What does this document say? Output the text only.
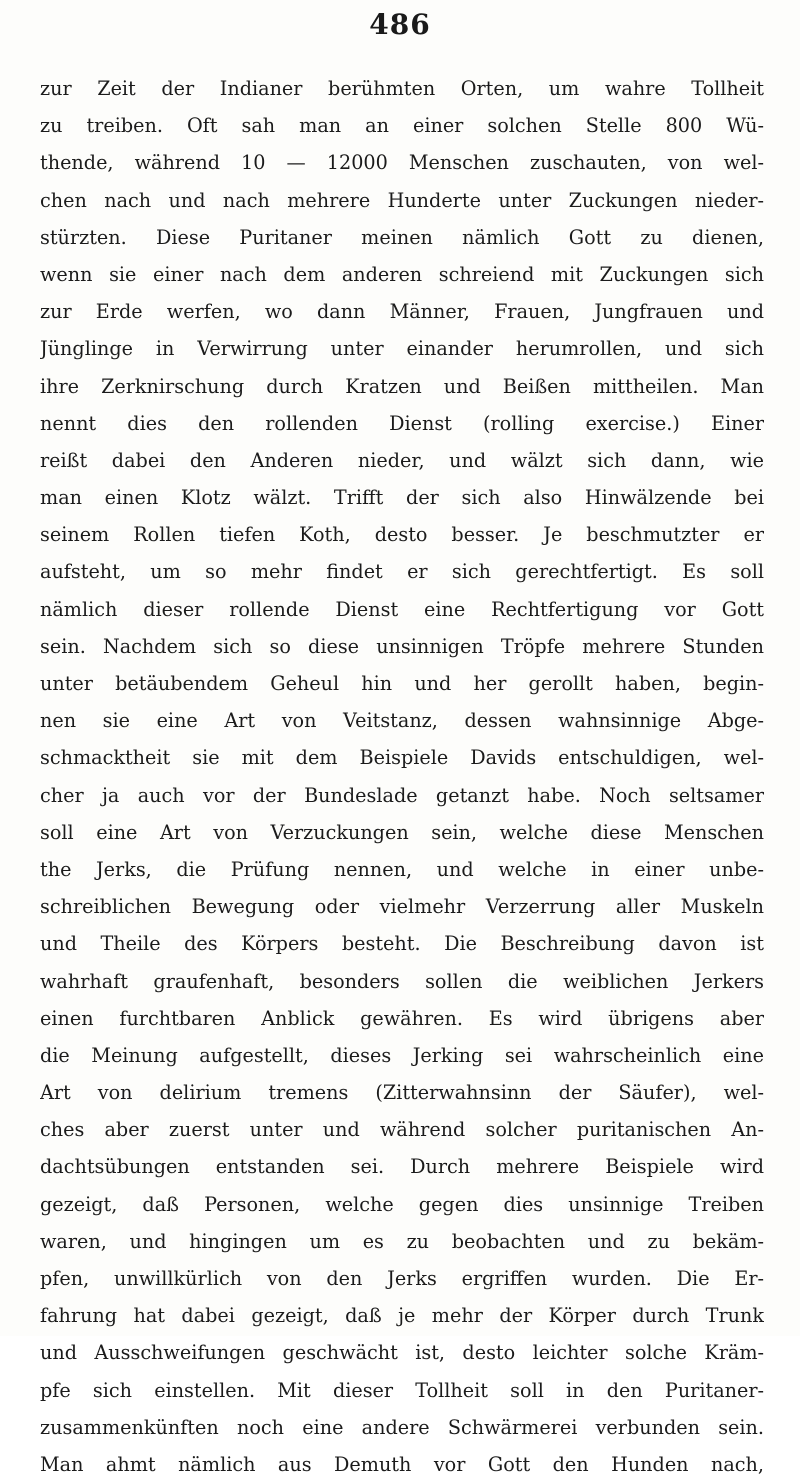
486
zur Zeit der Indianer berühmten Orten, um wahre Tollheit
zu treiben. Oft sah man an einer solchen Stelle 800 Wü-
thende, während 10 — 12000 Menschen zuschauten, von wel-
chen nach und nach mehrere Hunderte unter Zuckungen nieder-
stürzten. Diese Puritaner meinen nämlich Gott zu dienen,
wenn sie einer nach dem anderen schreiend mit Zuckungen sich
zur Erde werfen, wo dann Männer, Frauen, Jungfrauen und
Jünglinge in Verwirrung unter einander herumrollen, und sich
ihre Zerknirschung durch Kratzen und Beißen mittheilen. Man
nennt dies den rollenden Dienst (rolling exercise.) Einer
reißt dabei den Anderen nieder, und wälzt sich dann, wie
man einen Klotz wälzt. Trifft der sich also Hinwälzende bei
seinem Rollen tiefen Koth, desto besser. Je beschmutzter er
aufsteht, um so mehr findet er sich gerechtfertigt. Es soll
nämlich dieser rollende Dienst eine Rechtfertigung vor Gott
sein. Nachdem sich so diese unsinnigen Tröpfe mehrere Stunden
unter betäubendem Geheul hin und her gerollt haben, begin-
nen sie eine Art von Veitstanz, dessen wahnsinnige Abge-
schmacktheit sie mit dem Beispiele Davids entschuldigen, wel-
cher ja auch vor der Bundeslade getanzt habe. Noch seltsamer
soll eine Art von Verzuckungen sein, welche diese Menschen
the Jerks, die Prüfung nennen, und welche in einer unbe-
schreiblichen Bewegung oder vielmehr Verzerrung aller Muskeln
und Theile des Körpers besteht. Die Beschreibung davon ist
wahrhaft graufenhaft, besonders sollen die weiblichen Jerkers
einen furchtbaren Anblick gewähren. Es wird übrigens aber
die Meinung aufgestellt, dieses Jerking sei wahrscheinlich eine
Art von delirium tremens (Zitterwahnsinn der Säufer), wel-
ches aber zuerst unter und während solcher puritanischen An-
dachtsübungen entstanden sei. Durch mehrere Beispiele wird
gezeigt, daß Personen, welche gegen dies unsinnige Treiben
waren, und hingingen um es zu beobachten und zu bekäm-
pfen, unwillkürlich von den Jerks ergriffen wurden. Die Er-
fahrung hat dabei gezeigt, daß je mehr der Körper durch Trunk
und Ausschweifungen geschwächt ist, desto leichter solche Kräm-
pfe sich einstellen. Mit dieser Tollheit soll in den Puritaner-
zusammenkünften noch eine andere Schwärmerei verbunden sein.
Man ahmt nämlich aus Demuth vor Gott den Hunden nach,
